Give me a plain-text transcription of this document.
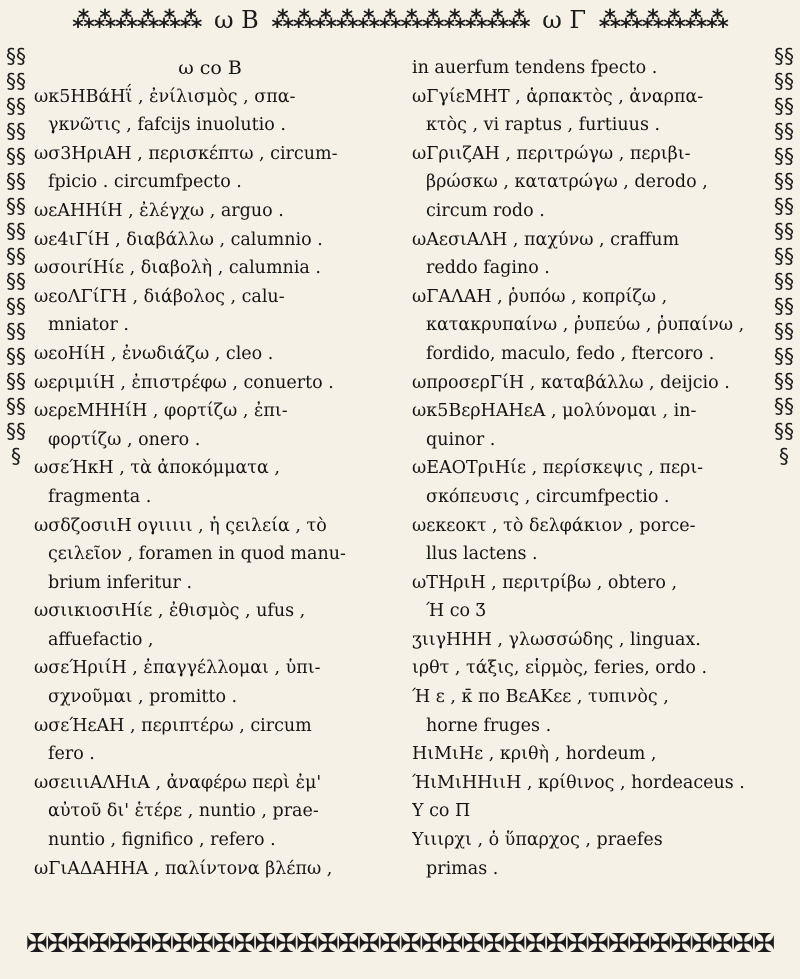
⁂⁂⁂⁂⁂⁂ ω Β ⁂⁂⁂⁂⁂⁂⁂⁂⁂⁂⁂⁂ ω Γ ⁂⁂⁂⁂⁂⁂
§§§§§§§§§§§§§§§§§§§§§§§§§§§§§§§§§
§§§§§§§§§§§§§§§§§§§§§§§§§§§§§§§§§
ω co Β
ωκ5ΗΒάΗΐ , ἐνίλισμὸς , σπα-
γκνῶτις , fafcijs inuolutio .
ωσ3ΗριΑΗ , περισκέπτω , circum-
fpicio . circumfpecto .
ωεΑΗΗίΗ , ἐλέγχω , arguo .
ωε4ιΓίΗ , διαβάλλω , calumnio .
ωσοιrίΗίε , διαβολὴ , calumnia .
ωεοΛΓίΓΗ , διάβολος , calu-
mniator .
ωεοΗίΗ , ἐνωδιάζω , cleo .
ωεριμιίΗ , ἐπιστρέφω , conuerto .
ωερεΜΗΗίΗ , φορτίζω , ἐπι-
φορτίζω , onero .
ωσεΉκΗ , τὰ ἀποκόμματα ,
fragmenta .
ωσδζοσιιΗ ογιιιιι , ἡ ςειλεία , τὸ
ςειλεῖον , foramen in quod manu-
brium inferitur .
ωσιικιοσιΗίε , ἐθισμὸς , ufus ,
affuefactio ,
ωσεΉριίΗ , ἐπαγγέλλομαι , ὑπι-
σχνοῦμαι , promitto .
ωσεΉεΑΗ , περιπτέρω , circum
fero .
ωσειιιΑΛΗιΑ , ἀναφέρω περὶ ἐμ'
αὐτοῦ δι' ἑτέρε , nuntio , prae-
nuntio , fignifico , refero .
ωΓιΑΔΑΗΗΑ , παλίντονα βλέπω ,
in auerfum tendens fpecto .
ωΓγίεΜΗΤ , ἁρπακτὸς , ἀναρπα-
κτὸς , vi raptus , furtiuus .
ωΓριιζΑΗ , περιτρώγω , περιβι-
βρώσκω , κατατρώγω , derodo ,
circum rodo .
ωΑεσιΑΛΗ , παχύνω , craffum
reddo fagino .
ωΓΑΛΑΗ , ῥυπόω , κοπρίζω ,
κατακρυπαίνω , ῥυπεύω , ῥυπαίνω ,
fordido, maculo, fedo , ftercoro .
ωπροσερΓίΗ , καταβάλλω , deijcio .
ωκ5ΒερΗΑΗεΑ , μολύνομαι , in-
quinor .
ωΕΑΟΤριΗίε , περίσκεψις , περι-
σκόπευσις , circumfpectio .
ωεκεοκτ , τὸ δελφάκιον , porce-
llus lactens .
ωΤΗριΗ , περιτρίβω , obtero ,
Ή co Ʒ
ʒιιγΗΗΗ , γλωσσώδης , linguax.
ιρθτ , τάξις, εἱρμὸς, feries, ordo .
Ή ε , κ̄ πο ΒεΑΚεε , τυπινὸς ,
horne fruges .
ΗιΜιΗε , κριθὴ , hordeum ,
ΉιΜιΗΗιιΗ , κρίθινος , hordeaceus .
Y co Π
Yιιιρχι , ὁ ὕπαρχος , praefes
primas .
✠✠✠✠✠✠✠✠✠✠✠✠✠✠✠✠✠✠✠✠✠✠✠✠✠✠✠✠✠✠✠✠✠✠✠✠
